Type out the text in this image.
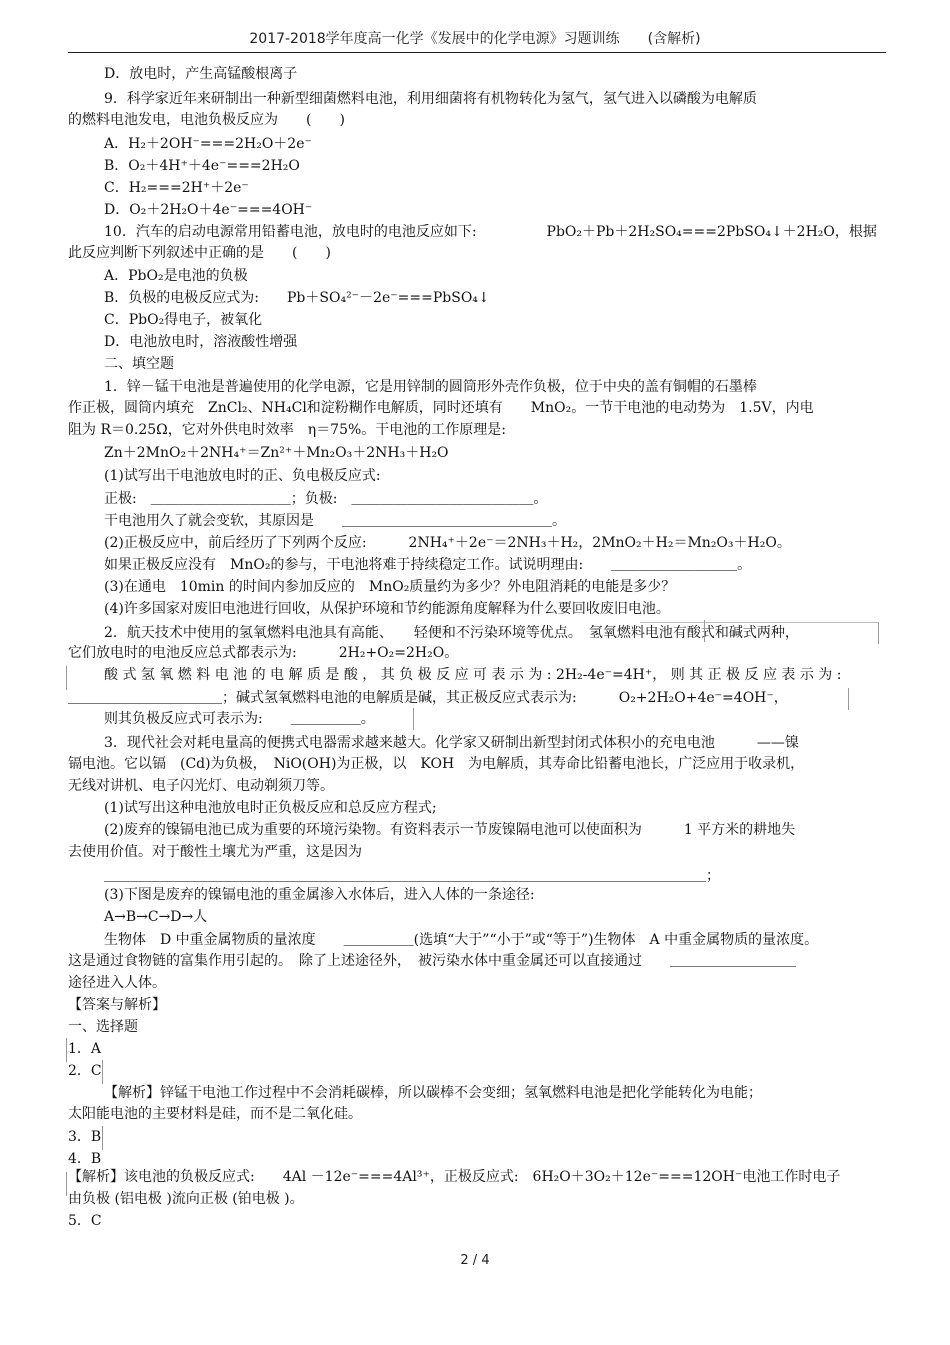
2017-2018学年度高一化学《发展中的化学电源》习题训练　　(含解析)
D．放电时，产生高锰酸根离子
9．科学家近年来研制出一种新型细菌燃料电池，利用细菌将有机物转化为氢气，氢气进入以磷酸为电解质
的燃料电池发电，电池负极反应为　　(　　)
A．H₂＋2OH⁻===2H₂O＋2e⁻
B．O₂＋4H⁺＋4e⁻===2H₂O
C．H₂===2H⁺＋2e⁻
D．O₂＋2H₂O＋4e⁻===4OH⁻
10．汽车的启动电源常用铅蓄电池，放电时的电池反应如下:　　　　　PbO₂＋Pb＋2H₂SO₄===2PbSO₄↓＋2H₂O，根据
此反应判断下列叙述中正确的是　　(　　)
A．PbO₂是电池的负极
B．负极的电极反应式为:　　Pb＋SO₄²⁻－2e⁻===PbSO₄↓
C．PbO₂得电子，被氧化
D．电池放电时，溶液酸性增强
二、填空题
1．锌－锰干电池是普遍使用的化学电源，它是用锌制的圆筒形外壳作负极，位于中央的盖有铜帽的石墨棒
作正极，圆筒内填充　ZnCl₂、NH₄Cl和淀粉糊作电解质，同时还填有　　MnO₂。一节干电池的电动势为　1.5V，内电
阻为 R＝0.25Ω，它对外供电时效率　η＝75%。干电池的工作原理是:
Zn＋2MnO₂＋2NH₄⁺＝Zn²⁺＋Mn₂O₃＋2NH₃＋H₂O
(1)试写出干电池放电时的正、负电极反应式:
正极:　＿＿＿＿＿＿＿＿＿＿；负极:　＿＿＿＿＿＿＿＿＿＿＿＿＿。
干电池用久了就会变软，其原因是　　＿＿＿＿＿＿＿＿＿＿＿＿＿＿＿。
(2)正极反应中，前后经历了下列两个反应:　　　2NH₄⁺＋2e⁻＝2NH₃＋H₂，2MnO₂＋H₂＝Mn₂O₃＋H₂O。
如果正极反应没有　MnO₂的参与，干电池将难于持续稳定工作。试说明理由:　　＿＿＿＿＿＿＿＿＿。
(3)在通电　10min 的时间内参加反应的　MnO₂质量约为多少？外电阻消耗的电能是多少？
(4)许多国家对废旧电池进行回收，从保护环境和节约能源角度解释为什么要回收废旧电池。
2．航天技术中使用的氢氧燃料电池具有高能、　　轻便和不污染环境等优点。　氢氧燃料电池有酸式和碱式两种，
它们放电时的电池反应总式都表示为:　　　2H₂+O₂=2H₂O。
酸 式 氢 氧 燃 料 电 池 的 电 解 质 是 酸 ， 其 负 极 反 应 可 表 示 为 : 2H₂-4e⁻=4H⁺， 则 其 正 极 反 应 表 示 为 :
＿＿＿＿＿＿＿＿＿＿＿；碱式氢氧燃料电池的电解质是碱，其正极反应式表示为:　　　O₂+2H₂O+4e⁻=4OH⁻，
则其负极反应式可表示为:　　＿＿＿＿＿。
3．现代社会对耗电量高的便携式电器需求越来越大。化学家又研制出新型封闭式体积小的充电电池　　　——镍
镉电池。它以镉　(Cd)为负极，　NiO(OH)为正极，以　KOH　为电解质，其寿命比铅蓄电池长，广泛应用于收录机，
无线对讲机、电子闪光灯、电动剃须刀等。
(1)试写出这种电池放电时正负极反应和总反应方程式;
(2)废弃的镍镉电池已成为重要的环境污染物。有资料表示一节废镍隔电池可以使面积为　　　1 平方米的耕地失
去使用价值。对于酸性土壤尤为严重，这是因为
＿＿＿＿＿＿＿＿＿＿＿＿＿＿＿＿＿＿＿＿＿＿＿＿＿＿＿＿＿＿＿＿＿＿＿＿＿＿＿＿＿＿＿；
(3)下图是废弃的镍镉电池的重金属渗入水体后，进入人体的一条途径:
A→B→C→D→人
生物体　D 中重金属物质的量浓度　　＿＿＿＿＿(选填“大于”“小于”或“等于”)生物体　A 中重金属物质的量浓度。
这是通过食物链的富集作用引起的。　除了上述途径外，　被污染水体中重金属还可以直接通过　　＿＿＿＿＿＿＿＿＿
途径进入人体。
【答案与解析】
一、选择题
1．A
2．C
【解析】锌锰干电池工作过程中不会消耗碳棒，所以碳棒不会变细；氢氧燃料电池是把化学能转化为电能；
太阳能电池的主要材料是硅，而不是二氧化硅。
3．B
4．B
【解析】该电池的负极反应式:　　4Al －12e⁻===4Al³⁺，正极反应式:　6H₂O＋3O₂＋12e⁻===12OH⁻电池工作时电子
由负极 (铝电极 )流向正极 (铂电极 )。
5．C
2 / 4
